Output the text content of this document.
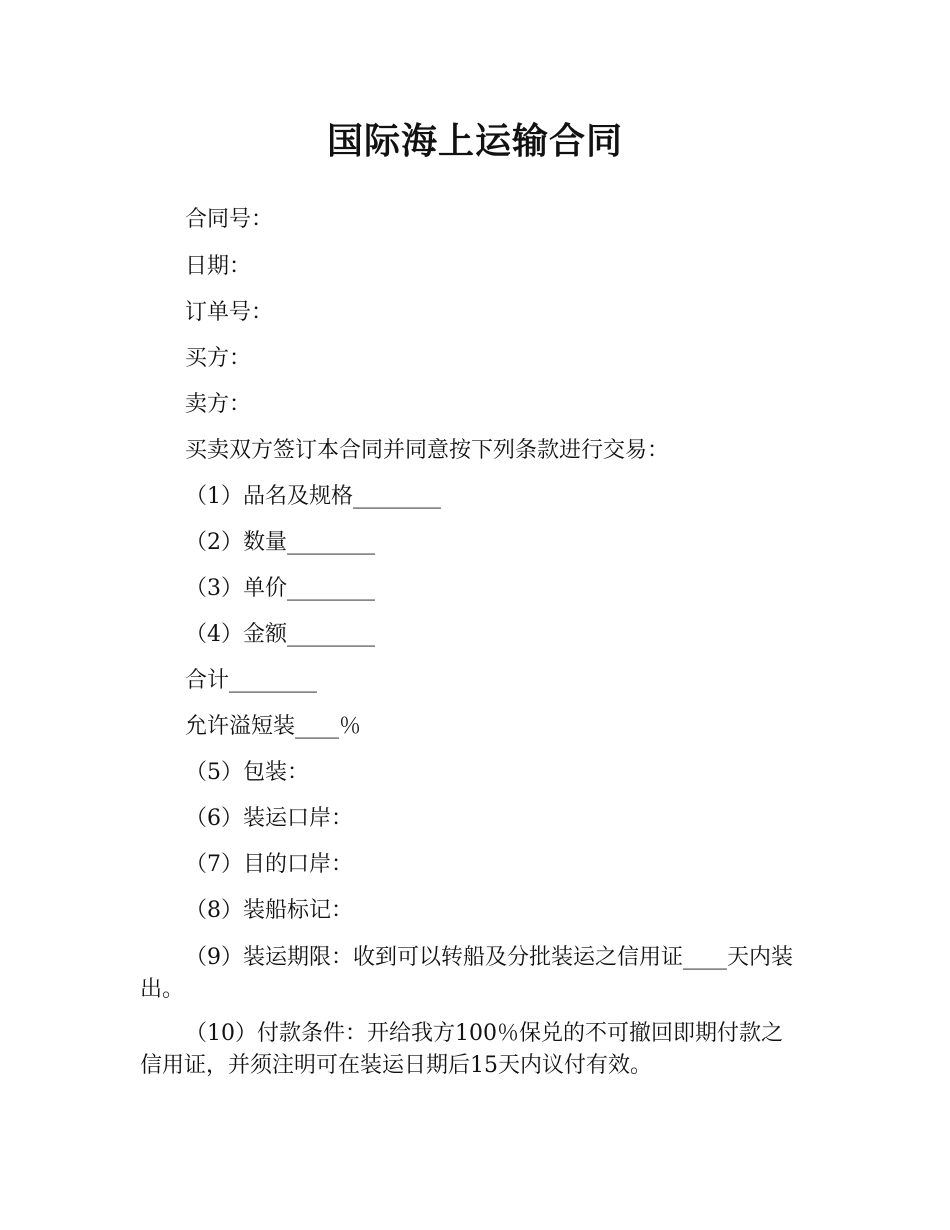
国际海上运输合同

合同号：

日期：

订单号：

买方：

卖方：

买卖双方签订本合同并同意按下列条款进行交易：

（1）品名及规格________

（2）数量________

（3）单价________

（4）金额________

合计________

允许溢短装____％

（5）包装：

（6）装运口岸：

（7）目的口岸：

（8）装船标记：

（9）装运期限：收到可以转船及分批装运之信用证____天内装出。

（10）付款条件：开给我方100％保兑的不可撤回即期付款之信用证，并须注明可在装运日期后15天内议付有效。
